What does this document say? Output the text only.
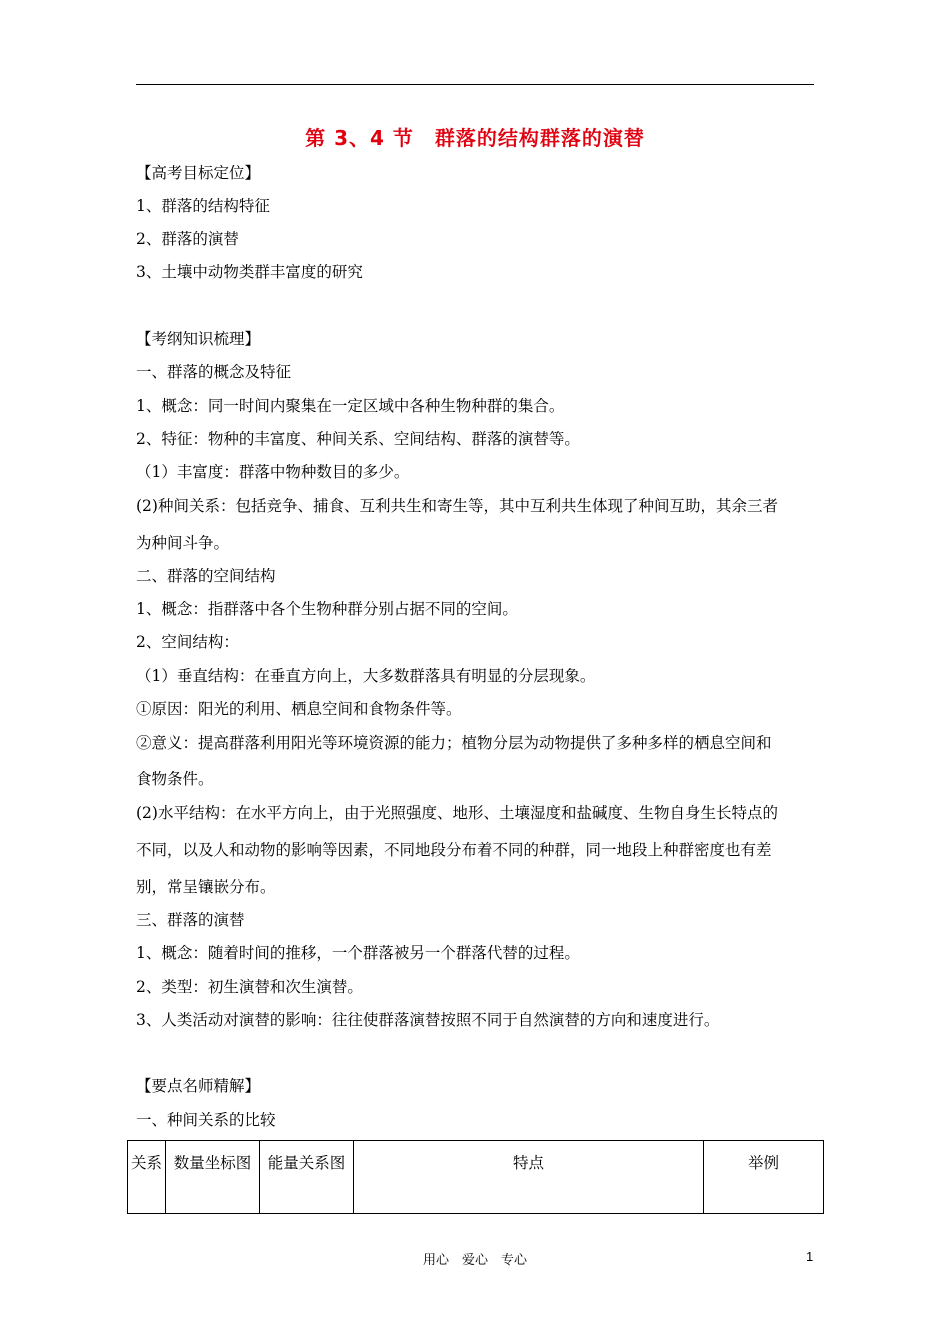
第 3、4 节　群落的结构群落的演替
【高考目标定位】
1、群落的结构特征
2、群落的演替
3、土壤中动物类群丰富度的研究
【考纲知识梳理】
一、群落的概念及特征
1、概念：同一时间内聚集在一定区域中各种生物种群的集合。
2、特征：物种的丰富度、种间关系、空间结构、群落的演替等。
（1）丰富度：群落中物种数目的多少。
(2)种间关系：包括竞争、捕食、互利共生和寄生等，其中互利共生体现了种间互助，其余三者
为种间斗争。
二、群落的空间结构
1、概念：指群落中各个生物种群分别占据不同的空间。
2、空间结构：
（1）垂直结构：在垂直方向上，大多数群落具有明显的分层现象。
①原因：阳光的利用、栖息空间和食物条件等。
②意义：提高群落利用阳光等环境资源的能力；植物分层为动物提供了多种多样的栖息空间和
食物条件。
(2)水平结构：在水平方向上，由于光照强度、地形、土壤湿度和盐碱度、生物自身生长特点的
不同，以及人和动物的影响等因素，不同地段分布着不同的种群，同一地段上种群密度也有差
别，常呈镶嵌分布。
三、群落的演替
1、概念：随着时间的推移，一个群落被另一个群落代替的过程。
2、类型：初生演替和次生演替。
3、人类活动对演替的影响：往往使群落演替按照不同于自然演替的方向和速度进行。
【要点名师精解】
一、种间关系的比较
关系	数量坐标图	能量关系图	特点	举例
用心　爱心　专心	1
